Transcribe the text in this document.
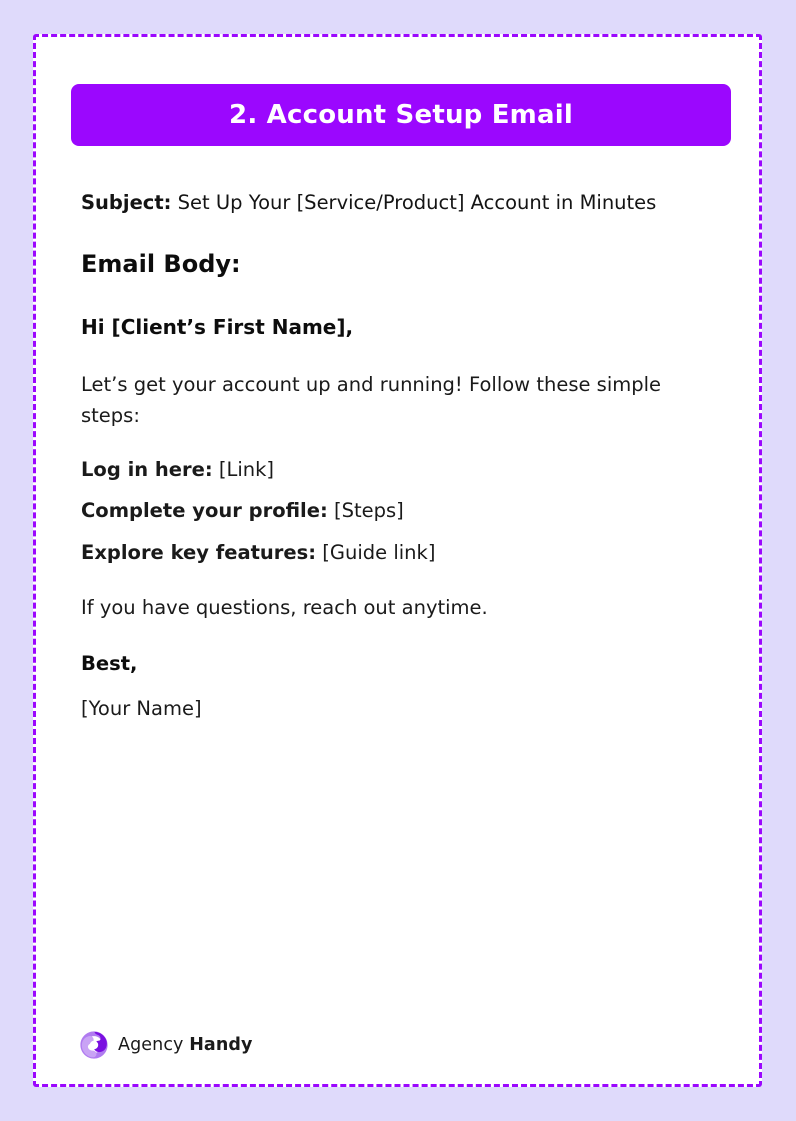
2. Account Setup Email
Subject: Set Up Your [Service/Product] Account in Minutes
Email Body:
Hi [Client’s First Name],
Let’s get your account up and running! Follow these simple steps:
Log in here: [Link]
Complete your profile: [Steps]
Explore key features: [Guide link]
If you have questions, reach out anytime.
Best,
[Your Name]
Agency Handy
